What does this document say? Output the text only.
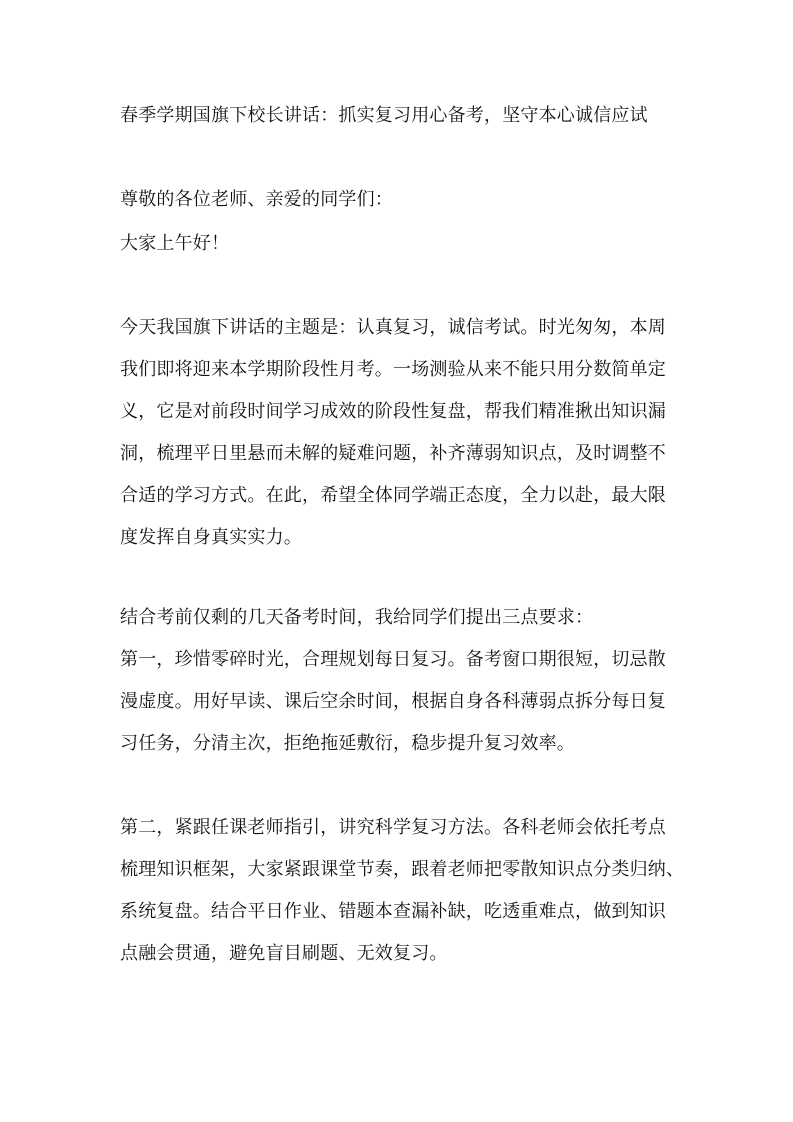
春季学期国旗下校长讲话：抓实复习用心备考，坚守本心诚信应试
尊敬的各位老师、亲爱的同学们：
大家上午好！
今天我国旗下讲话的主题是：认真复习，诚信考试。时光匆匆，本周
我们即将迎来本学期阶段性月考。一场测验从来不能只用分数简单定
义，它是对前段时间学习成效的阶段性复盘，帮我们精准揪出知识漏
洞，梳理平日里悬而未解的疑难问题，补齐薄弱知识点，及时调整不
合适的学习方式。在此，希望全体同学端正态度，全力以赴，最大限
度发挥自身真实实力。
结合考前仅剩的几天备考时间，我给同学们提出三点要求：
第一，珍惜零碎时光，合理规划每日复习。备考窗口期很短，切忌散
漫虚度。用好早读、课后空余时间，根据自身各科薄弱点拆分每日复
习任务，分清主次，拒绝拖延敷衍，稳步提升复习效率。
第二，紧跟任课老师指引，讲究科学复习方法。各科老师会依托考点
梳理知识框架，大家紧跟课堂节奏，跟着老师把零散知识点分类归纳、
系统复盘。结合平日作业、错题本查漏补缺，吃透重难点，做到知识
点融会贯通，避免盲目刷题、无效复习。
